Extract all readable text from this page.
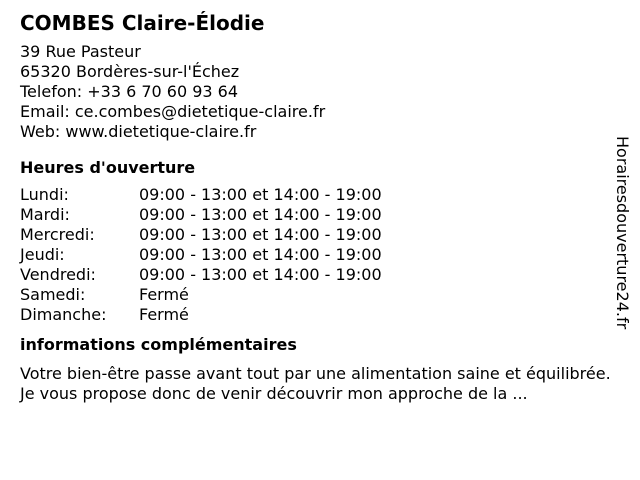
COMBES Claire-Élodie
39 Rue Pasteur
65320 Bordères-sur-l'Échez
Telefon: +33 6 70 60 93 64
Email: ce.combes@dietetique-claire.fr
Web: www.dietetique-claire.fr
Heures d'ouverture
Lundi:	09:00 - 13:00 et 14:00 - 19:00
Mardi:	09:00 - 13:00 et 14:00 - 19:00
Mercredi:	09:00 - 13:00 et 14:00 - 19:00
Jeudi:	09:00 - 13:00 et 14:00 - 19:00
Vendredi:	09:00 - 13:00 et 14:00 - 19:00
Samedi:	Fermé
Dimanche:	Fermé
informations complémentaires
Votre bien-être passe avant tout par une alimentation saine et équilibrée. Je vous propose donc de venir découvrir mon approche de la ...
Horairesdouverture24.fr
